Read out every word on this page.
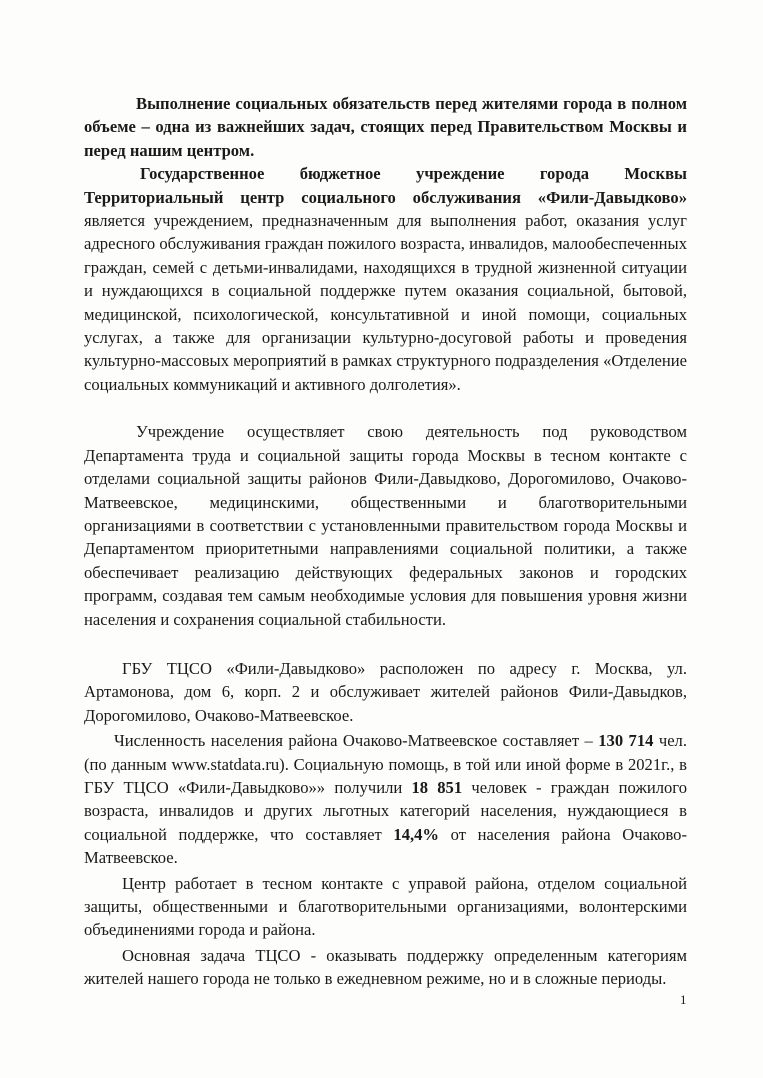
Выполнение социальных обязательств перед жителями города в полном объеме – одна из важнейших задач, стоящих перед Правительством Москвы и перед нашим центром.

Государственное бюджетное учреждение города Москвы Территориальный центр социального обслуживания «Фили-Давыдково» является учреждением, предназначенным для выполнения работ, оказания услуг адресного обслуживания граждан пожилого возраста, инвалидов, малообеспеченных граждан, семей с детьми-инвалидами, находящихся в трудной жизненной ситуации и нуждающихся в социальной поддержке путем оказания социальной, бытовой, медицинской, психологической, консультативной и иной помощи, социальных услугах, а также для организации культурно-досуговой работы и проведения культурно-массовых мероприятий в рамках структурного подразделения «Отделение социальных коммуникаций и активного долголетия».

Учреждение осуществляет свою деятельность под руководством Департамента труда и социальной защиты города Москвы в тесном контакте с отделами социальной защиты районов Фили-Давыдково, Дорогомилово, Очаково-Матвеевское, медицинскими, общественными и благотворительными организациями в соответствии с установленными правительством города Москвы и Департаментом приоритетными направлениями социальной политики, а также обеспечивает реализацию действующих федеральных законов и городских программ, создавая тем самым необходимые условия для повышения уровня жизни населения и сохранения социальной стабильности.

ГБУ ТЦСО «Фили-Давыдково» расположен по адресу г. Москва, ул. Артамонова, дом 6, корп. 2 и обслуживает жителей районов Фили-Давыдков, Дорогомилово, Очаково-Матвеевское.

Численность населения района Очаково-Матвеевское составляет – 130 714 чел. (по данным www.statdata.ru). Социальную помощь, в той или иной форме в 2021г., в ГБУ ТЦСО «Фили-Давыдково»» получили 18 851 человек - граждан пожилого возраста, инвалидов и других льготных категорий населения, нуждающиеся в социальной поддержке, что составляет 14,4% от населения района Очаково-Матвеевское.

Центр работает в тесном контакте с управой района, отделом социальной защиты, общественными и благотворительными организациями, волонтерскими объединениями города и района.

Основная задача ТЦСО - оказывать поддержку определенным категориям жителей нашего города не только в ежедневном режиме, но и в сложные периоды.

1
